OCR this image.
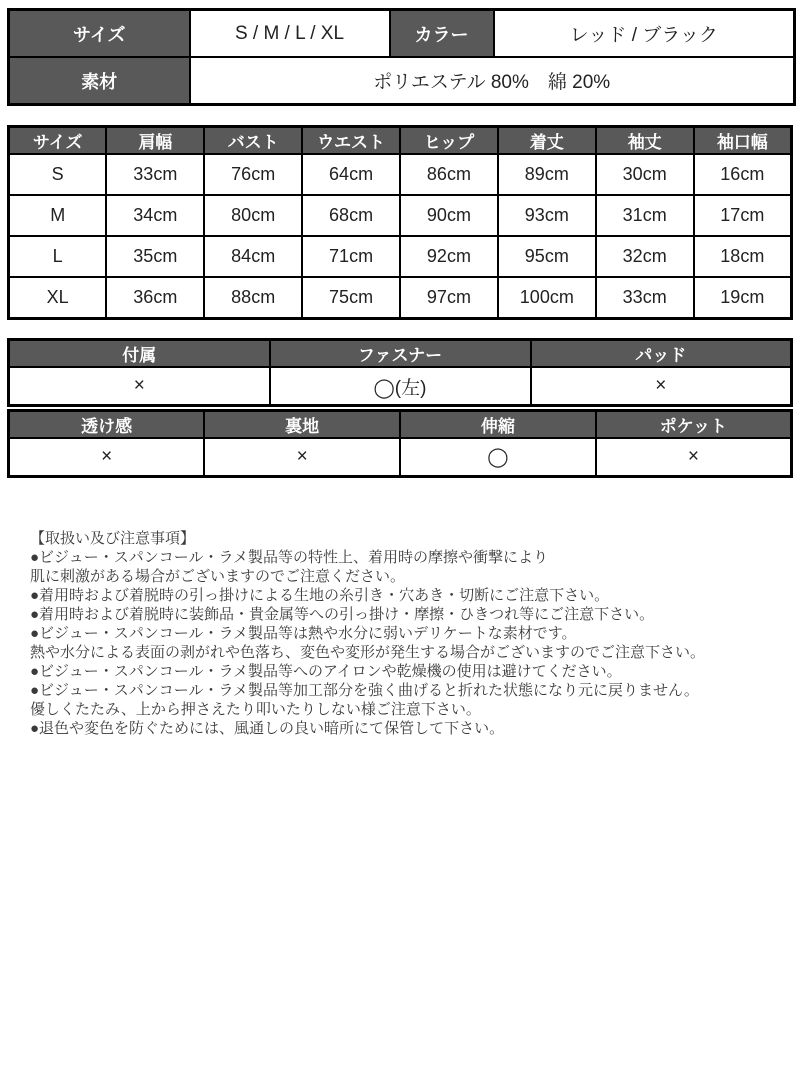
サイズ	S / M / L / XL	カラー	レッド / ブラック
素材	ポリエステル 80%　綿 20%		
サイズ	肩幅	バスト	ウエスト	ヒップ	着丈	袖丈	袖口幅
S	33cm	76cm	64cm	86cm	89cm	30cm	16cm
M	34cm	80cm	68cm	90cm	93cm	31cm	17cm
L	35cm	84cm	71cm	92cm	95cm	32cm	18cm
XL	36cm	88cm	75cm	97cm	100cm	33cm	19cm
付属	ファスナー	パッド
×	◯(左)	×
透け感	裏地	伸縮	ポケット
×	×	◯	×
【取扱い及び注意事項】
●ビジュー・スパンコール・ラメ製品等の特性上、着用時の摩擦や衝撃により
肌に刺激がある場合がございますのでご注意ください。
●着用時および着脱時の引っ掛けによる生地の糸引き・穴あき・切断にご注意下さい。
●着用時および着脱時に装飾品・貴金属等への引っ掛け・摩擦・ひきつれ等にご注意下さい。
●ビジュー・スパンコール・ラメ製品等は熱や水分に弱いデリケートな素材です。
熱や水分による表面の剥がれや色落ち、変色や変形が発生する場合がございますのでご注意下さい。
●ビジュー・スパンコール・ラメ製品等へのアイロンや乾燥機の使用は避けてください。
●ビジュー・スパンコール・ラメ製品等加工部分を強く曲げると折れた状態になり元に戻りません。
優しくたたみ、上から押さえたり叩いたりしない様ご注意下さい。
●退色や変色を防ぐためには、風通しの良い暗所にて保管して下さい。
